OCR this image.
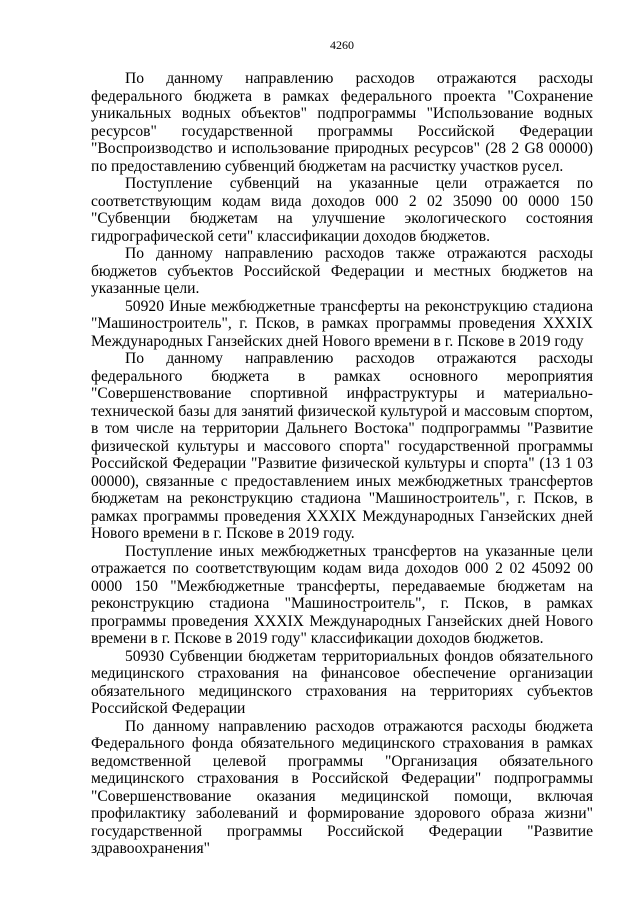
4260

По данному направлению расходов отражаются расходы федерального бюджета в рамках федерального проекта "Сохранение уникальных водных объектов" подпрограммы "Использование водных ресурсов" государственной программы Российской Федерации "Воспроизводство и использование природных ресурсов" (28 2 G8 00000) по предоставлению субвенций бюджетам на расчистку участков русел.

Поступление субвенций на указанные цели отражается по соответствующим кодам вида доходов 000 2 02 35090 00 0000 150 "Субвенции бюджетам на улучшение экологического состояния гидрографической сети" классификации доходов бюджетов.

По данному направлению расходов также отражаются расходы бюджетов субъектов Российской Федерации и местных бюджетов на указанные цели.

50920 Иные межбюджетные трансферты на реконструкцию стадиона "Машиностроитель", г. Псков, в рамках программы проведения XXXIX Международных Ганзейских дней Нового времени в г. Пскове в 2019 году

По данному направлению расходов отражаются расходы федерального бюджета в рамках основного мероприятия "Совершенствование спортивной инфраструктуры и материально-технической базы для занятий физической культурой и массовым спортом, в том числе на территории Дальнего Востока" подпрограммы "Развитие физической культуры и массового спорта" государственной программы Российской Федерации "Развитие физической культуры и спорта" (13 1 03 00000), связанные с предоставлением иных межбюджетных трансфертов бюджетам на реконструкцию стадиона "Машиностроитель", г. Псков, в рамках программы проведения XXXIX Международных Ганзейских дней Нового времени в г. Пскове в 2019 году.

Поступление иных межбюджетных трансфертов на указанные цели отражается по соответствующим кодам вида доходов 000 2 02 45092 00 0000 150 "Межбюджетные трансферты, передаваемые бюджетам на реконструкцию стадиона "Машиностроитель", г. Псков, в рамках программы проведения XXXIX Международных Ганзейских дней Нового времени в г. Пскове в 2019 году" классификации доходов бюджетов.

50930 Субвенции бюджетам территориальных фондов обязательного медицинского страхования на финансовое обеспечение организации обязательного медицинского страхования на территориях субъектов Российской Федерации

По данному направлению расходов отражаются расходы бюджета Федерального фонда обязательного медицинского страхования в рамках ведомственной целевой программы "Организация обязательного медицинского страхования в Российской Федерации" подпрограммы "Совершенствование оказания медицинской помощи, включая профилактику заболеваний и формирование здорового образа жизни" государственной программы Российской Федерации "Развитие здравоохранения"
